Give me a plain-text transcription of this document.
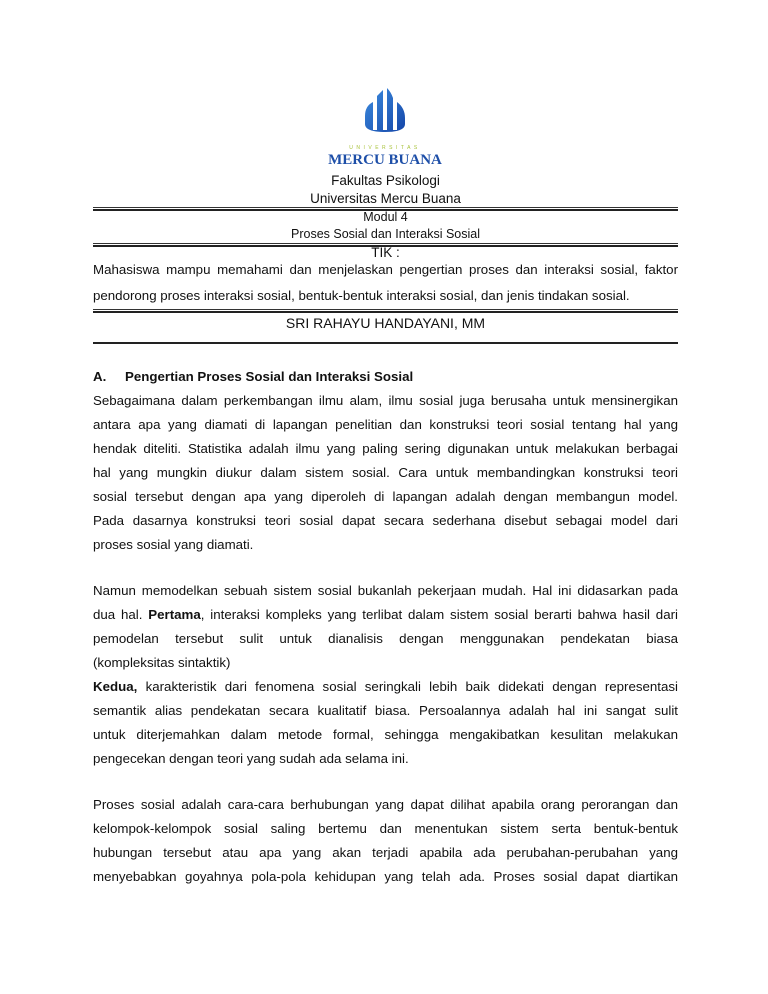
UNIVERSITAS
MERCU BUANA
Fakultas Psikologi
Universitas Mercu Buana
Modul 4
Proses Sosial dan Interaksi Sosial
TIK :
Mahasiswa mampu memahami dan menjelaskan pengertian proses dan interaksi sosial, faktor
pendorong proses interaksi sosial, bentuk-bentuk interaksi sosial, dan jenis tindakan sosial.
SRI RAHAYU HANDAYANI, MM
A. Pengertian Proses Sosial dan Interaksi Sosial
Sebagaimana dalam perkembangan ilmu alam, ilmu sosial juga berusaha untuk mensinergikan
antara apa yang diamati di lapangan penelitian dan konstruksi teori sosial tentang hal yang
hendak diteliti. Statistika adalah ilmu yang paling sering digunakan untuk melakukan berbagai
hal yang mungkin diukur dalam sistem sosial. Cara untuk membandingkan konstruksi teori
sosial tersebut dengan apa yang diperoleh di lapangan adalah dengan membangun model.
Pada dasarnya konstruksi teori sosial dapat secara sederhana disebut sebagai model dari
proses sosial yang diamati.
Namun memodelkan sebuah sistem sosial bukanlah pekerjaan mudah. Hal ini didasarkan pada
dua hal. Pertama, interaksi kompleks yang terlibat dalam sistem sosial berarti bahwa hasil dari
pemodelan tersebut sulit untuk dianalisis dengan menggunakan pendekatan biasa
(kompleksitas sintaktik)
Kedua, karakteristik dari fenomena sosial seringkali lebih baik didekati dengan representasi
semantik alias pendekatan secara kualitatif biasa. Persoalannya adalah hal ini sangat sulit
untuk diterjemahkan dalam metode formal, sehingga mengakibatkan kesulitan melakukan
pengecekan dengan teori yang sudah ada selama ini.
Proses sosial adalah cara-cara berhubungan yang dapat dilihat apabila orang perorangan dan
kelompok-kelompok sosial saling bertemu dan menentukan sistem serta bentuk-bentuk
hubungan tersebut atau apa yang akan terjadi apabila ada perubahan-perubahan yang
menyebabkan goyahnya pola-pola kehidupan yang telah ada. Proses sosial dapat diartikan
